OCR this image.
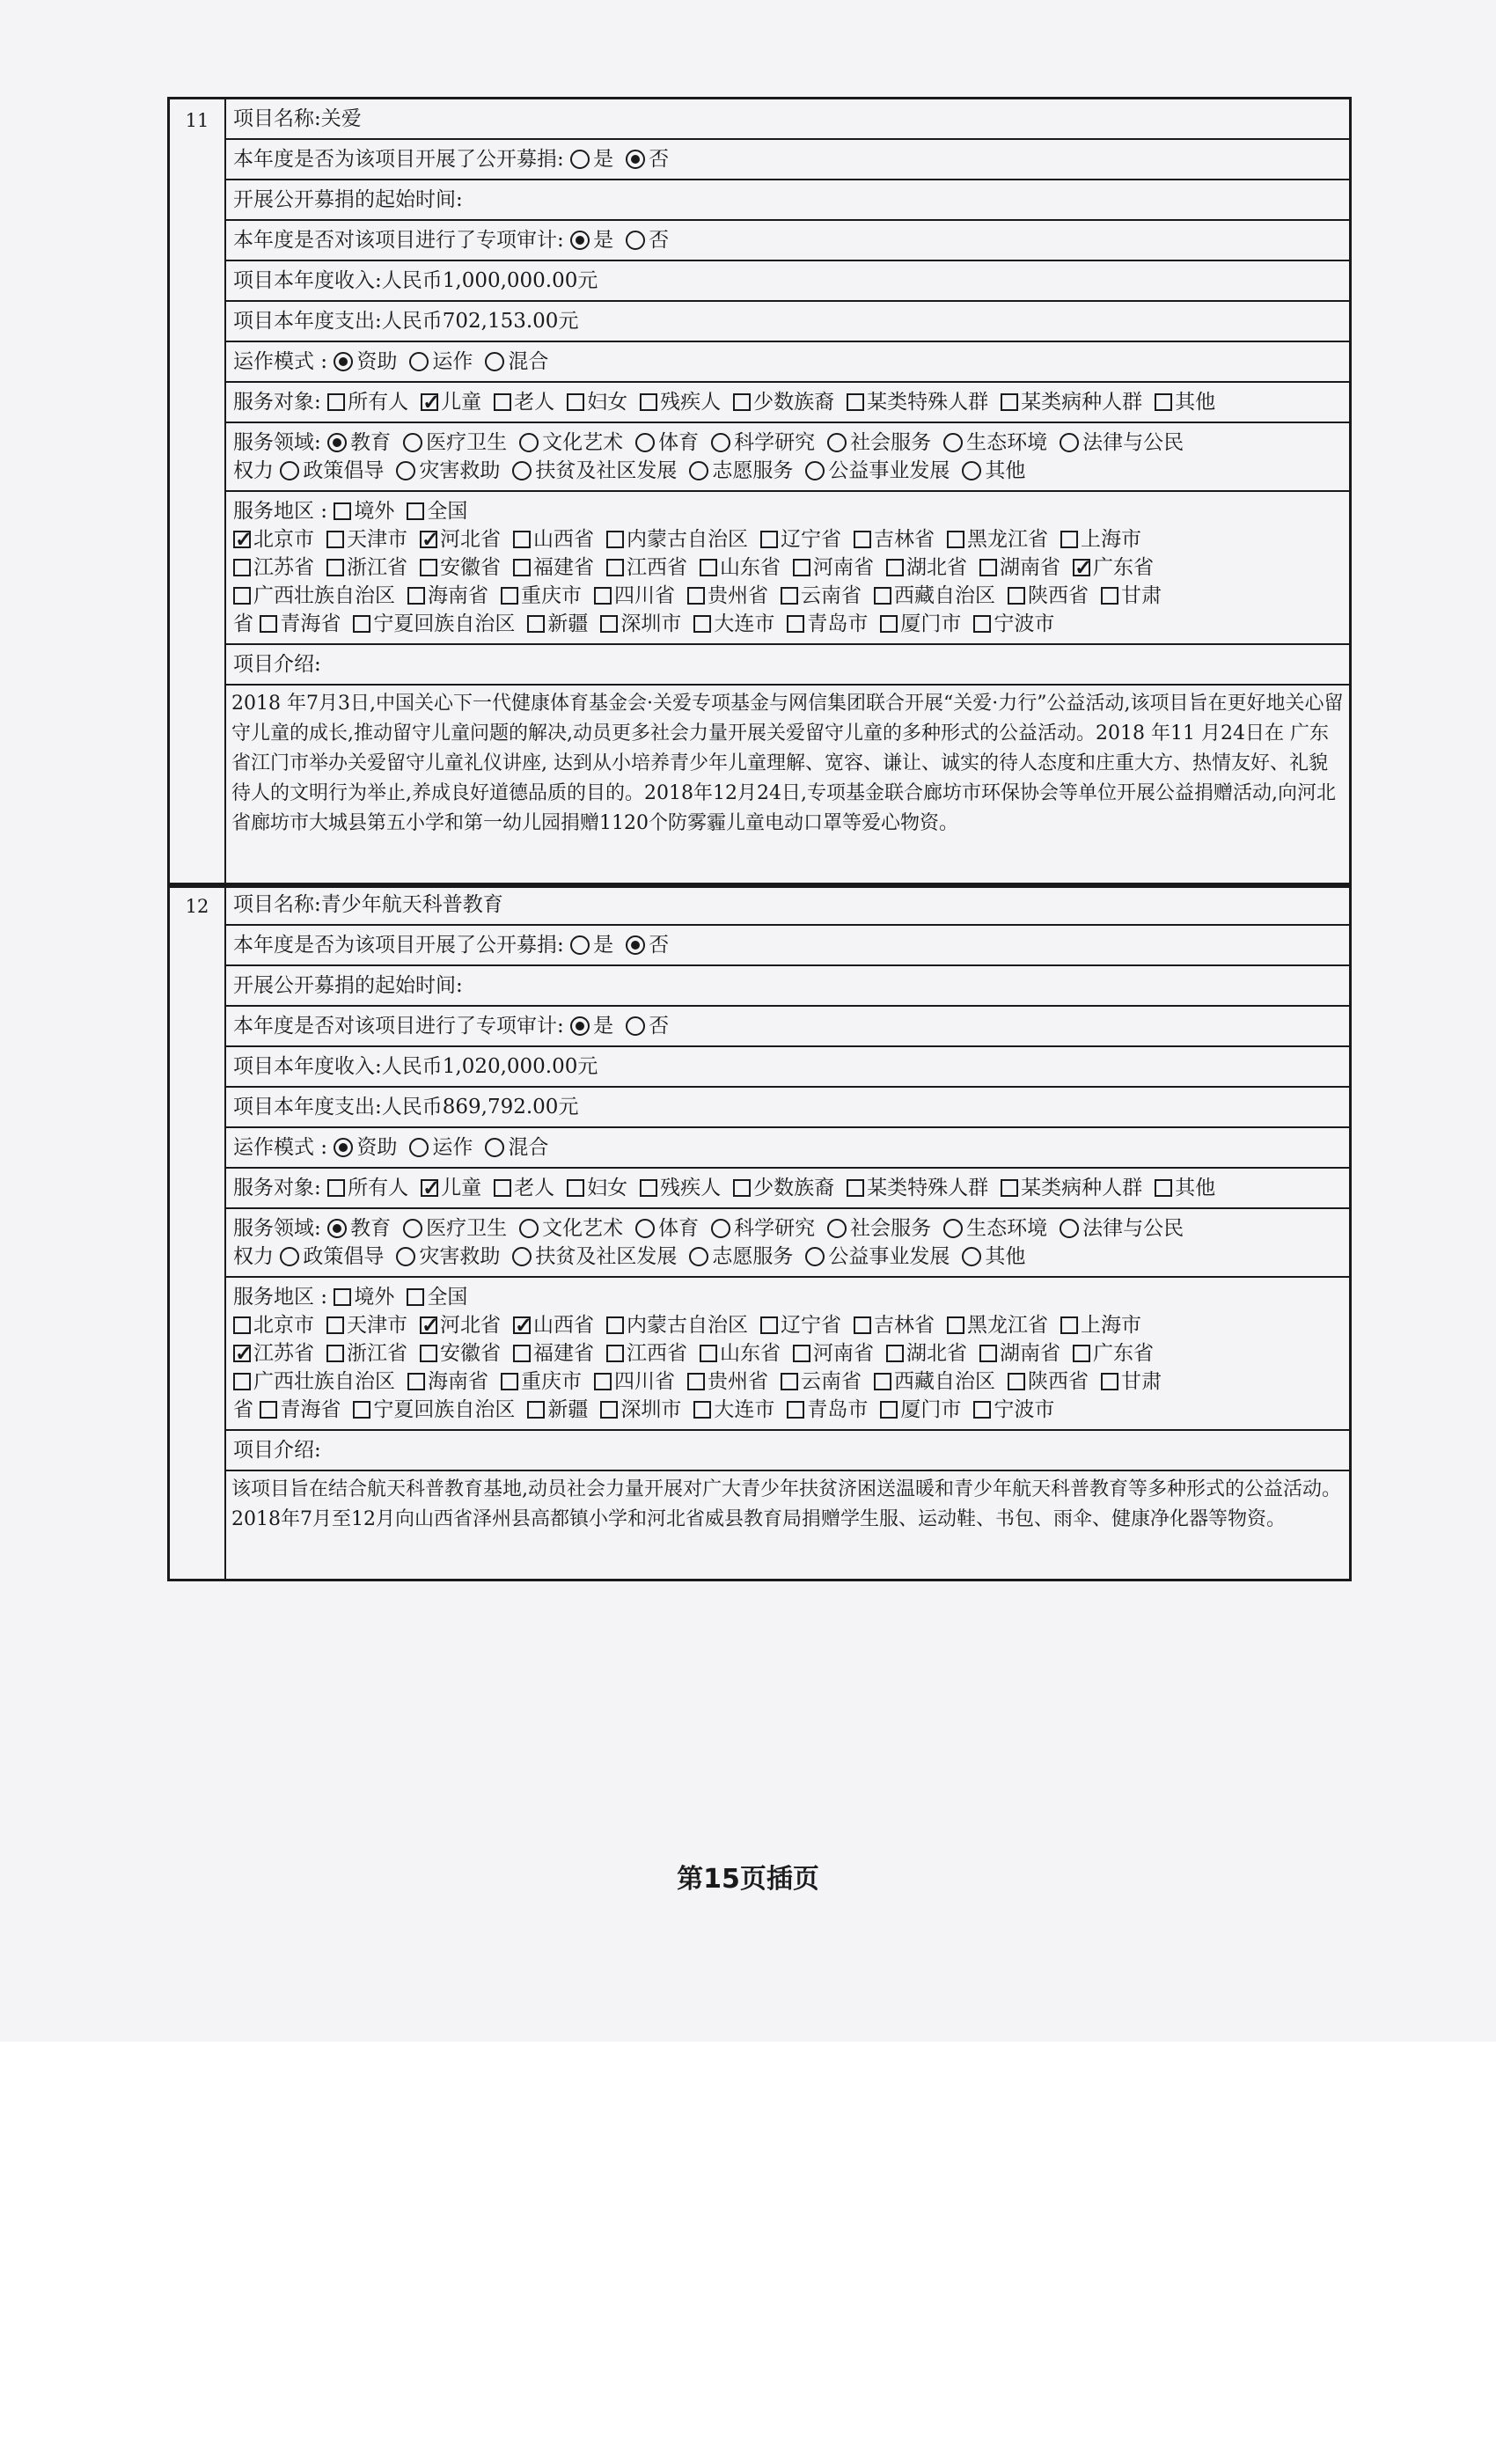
11	项目名称:关爱
本年度是否为该项目开展了公开募捐: 是 否
开展公开募捐的起始时间:
本年度是否对该项目进行了专项审计: 是 否
项目本年度收入:人民币1,000,000.00元
项目本年度支出:人民币702,153.00元
运作模式 : 资助 运作 混合
服务对象: 所有人 ✓ 儿童 老人 妇女 残疾人 少数族裔 某类特殊人群 某类病种人群 其他
服务领域: 教育 医疗卫生 文化艺术 体育 科学研究 社会服务 生态环境 法律与公民
权力 政策倡导 灾害救助 扶贫及社区发展 志愿服务 公益事业发展 其他
服务地区 : 境外 全国
✓北京市 天津市 ✓ 河北省 山西省 内蒙古自治区 辽宁省 吉林省 黑龙江省 上海市
江苏省 浙江省 安徽省 福建省 江西省 山东省 河南省 湖北省 湖南省 ✓ 广东省
广西壮族自治区 海南省 重庆市 四川省 贵州省 云南省 西藏自治区 陕西省 甘肃
省 青海省 宁夏回族自治区 新疆 深圳市 大连市 青岛市 厦门市 宁波市
项目介绍:
2018 年7月3日,中国关心下一代健康体育基金会·关爱专项基金与网信集团联合开展“关爱·力行”公益活动,该项目旨在更好地关心留守儿童的成长,推动留守儿童问题的解决,动员更多社会力量开展关爱留守儿童的多种形式的公益活动。2018 年11 月24日在 广东省江门市举办关爱留守儿童礼仪讲座, 达到从小培养青少年儿童理解、宽容、谦让、诚实的待人态度和庄重大方、热情友好、礼貌待人的文明行为举止,养成良好道德品质的目的。2018年12月24日,专项基金联合廊坊市环保协会等单位开展公益捐赠活动,向河北省廊坊市大城县第五小学和第一幼儿园捐赠1120个防雾霾儿童电动口罩等爱心物资。
12	项目名称:青少年航天科普教育
本年度是否为该项目开展了公开募捐: 是 否
开展公开募捐的起始时间:
本年度是否对该项目进行了专项审计: 是 否
项目本年度收入:人民币1,020,000.00元
项目本年度支出:人民币869,792.00元
运作模式 : 资助 运作 混合
服务对象: 所有人 ✓ 儿童 老人 妇女 残疾人 少数族裔 某类特殊人群 某类病种人群 其他
服务领域: 教育 医疗卫生 文化艺术 体育 科学研究 社会服务 生态环境 法律与公民
权力 政策倡导 灾害救助 扶贫及社区发展 志愿服务 公益事业发展 其他
服务地区 : 境外 全国
北京市 天津市 ✓ 河北省 ✓ 山西省 内蒙古自治区 辽宁省 吉林省 黑龙江省 上海市
✓江苏省 浙江省 安徽省 福建省 江西省 山东省 河南省 湖北省 湖南省 广东省
广西壮族自治区 海南省 重庆市 四川省 贵州省 云南省 西藏自治区 陕西省 甘肃
省 青海省 宁夏回族自治区 新疆 深圳市 大连市 青岛市 厦门市 宁波市
项目介绍:
该项目旨在结合航天科普教育基地,动员社会力量开展对广大青少年扶贫济困送温暖和青少年航天科普教育等多种形式的公益活动。2018年7月至12月向山西省泽州县高都镇小学和河北省威县教育局捐赠学生服、运动鞋、书包、雨伞、健康净化器等物资。
第15页插页
